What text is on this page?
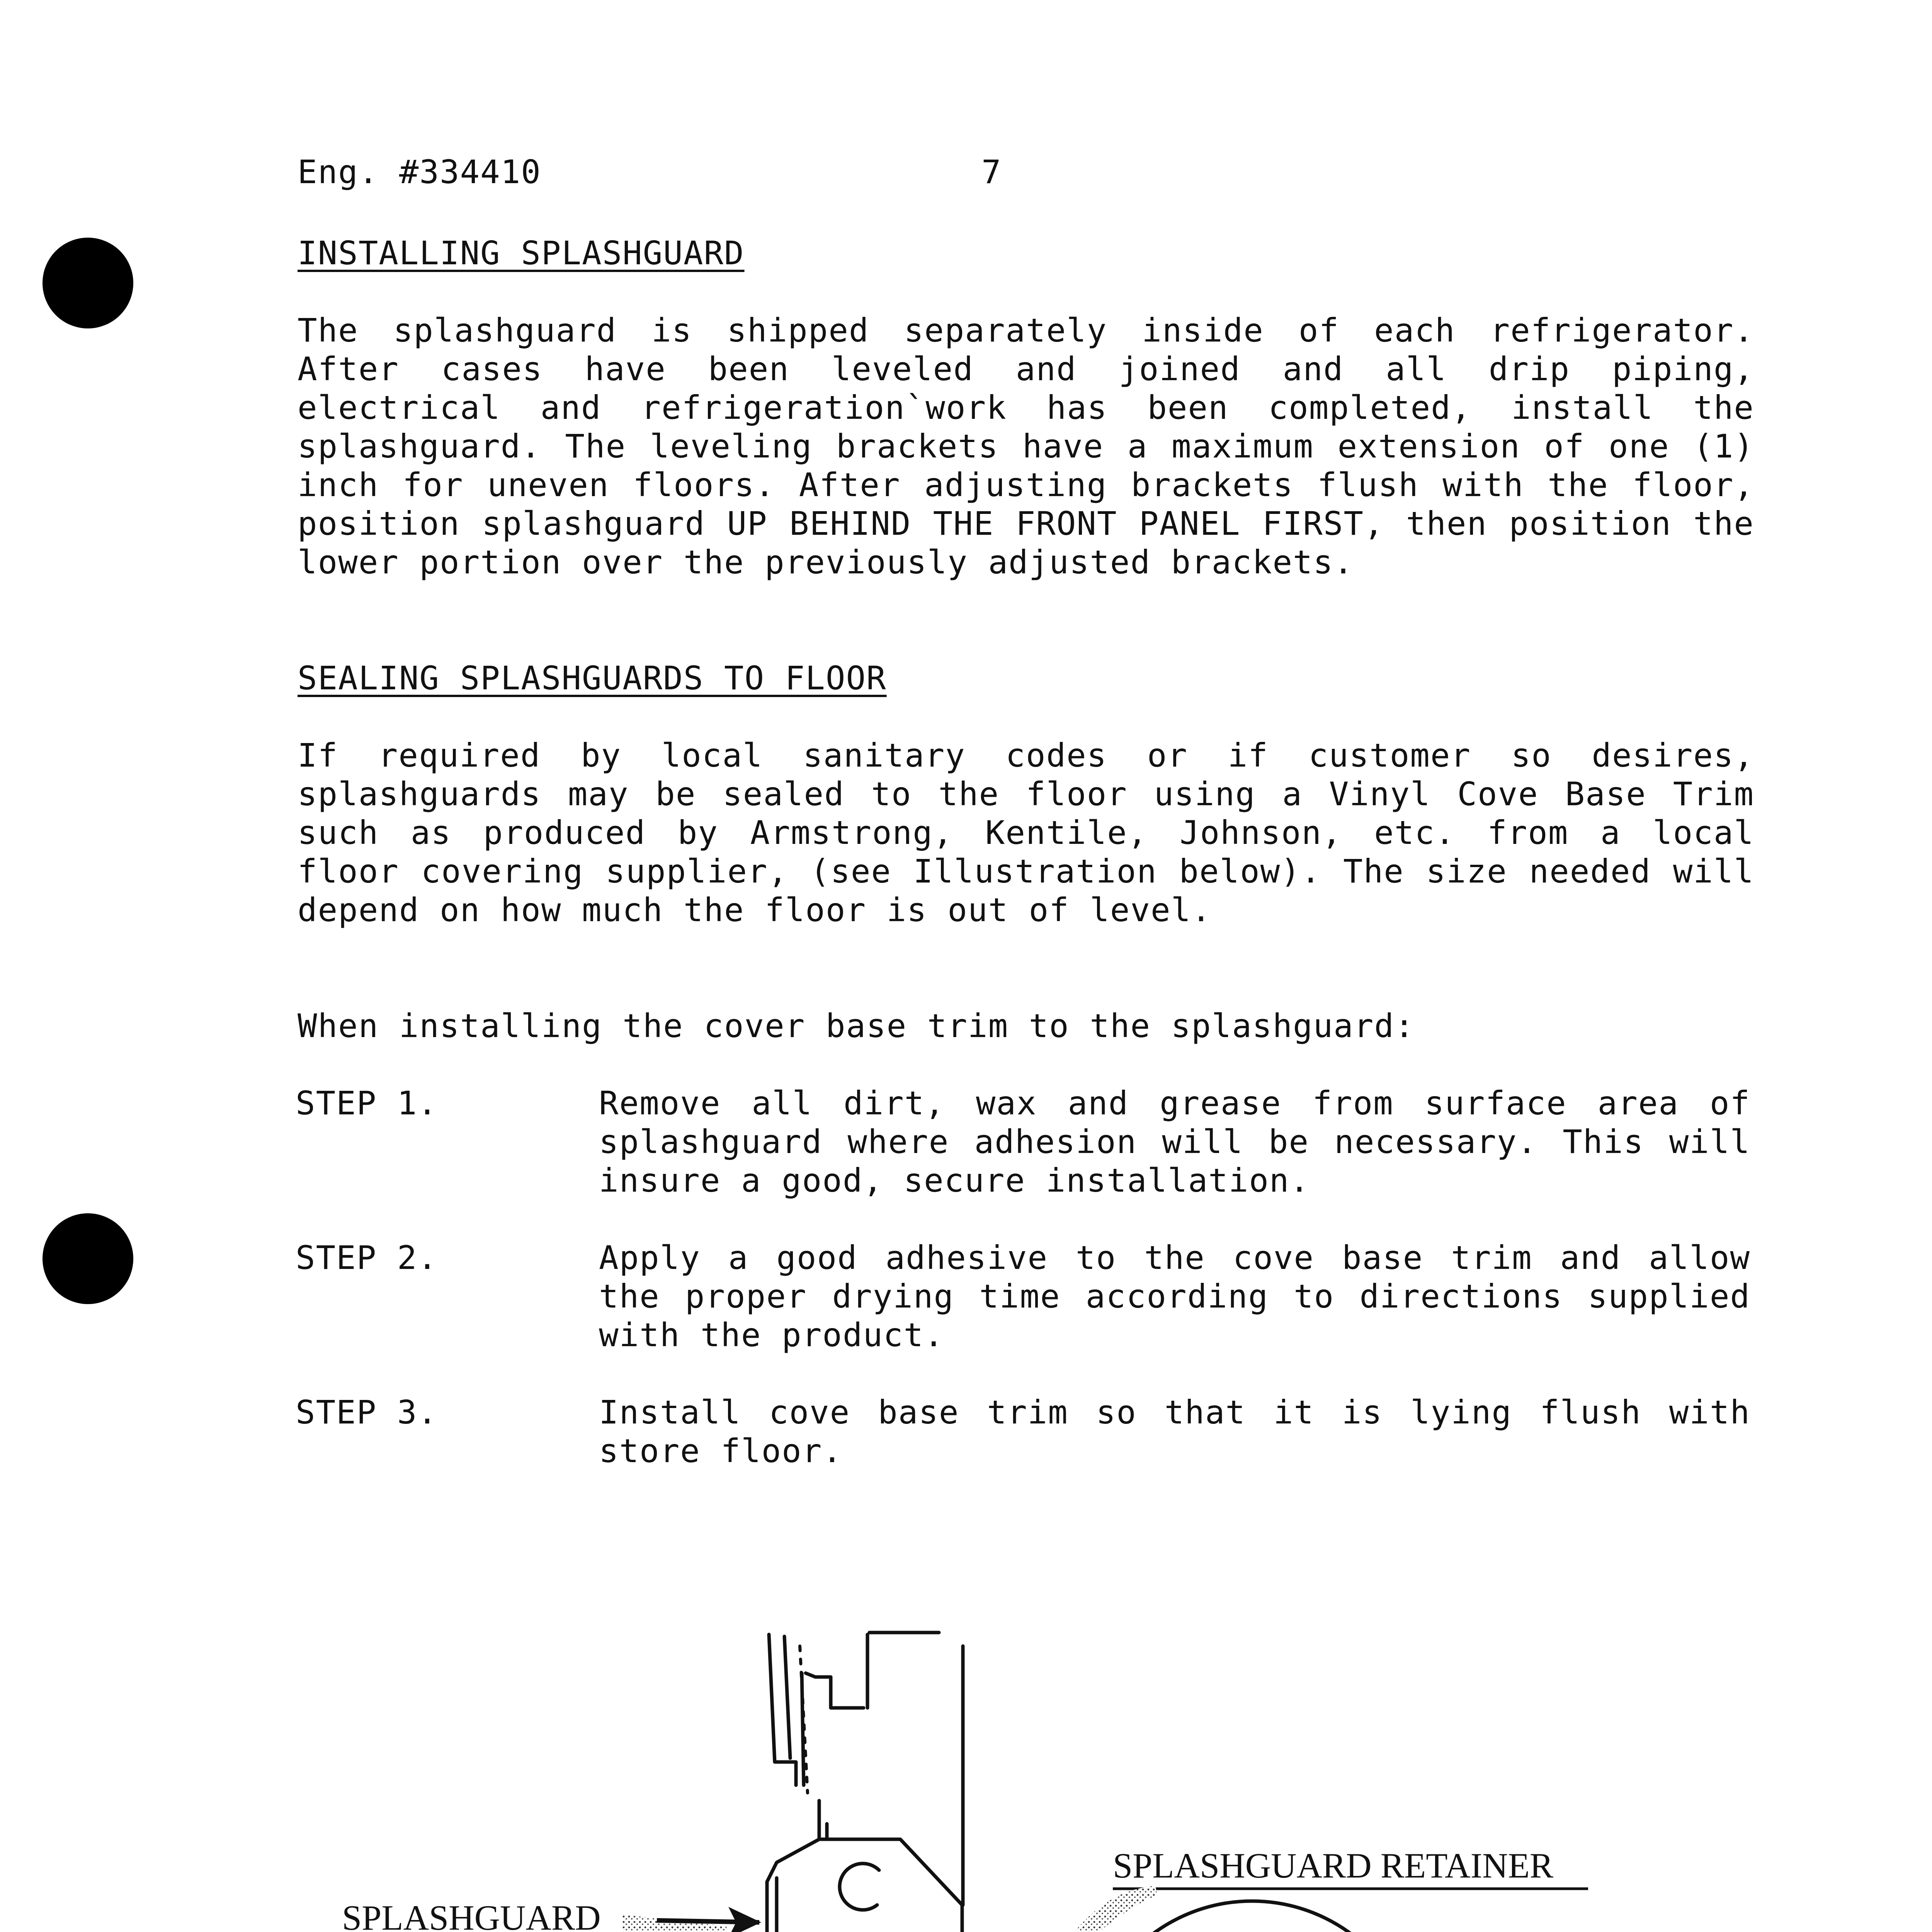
Eng. #334410	7
INSTALLING SPLASHGUARD

The splashguard is shipped separately inside of each refrigerator. After cases have been leveled and joined and all drip piping, electrical and refrigeration`work has been completed, install the splashguard. The leveling brackets have a maximum extension of one (1) inch for uneven floors. After adjusting brackets flush with the floor, position splashguard UP BEHIND THE FRONT PANEL FIRST, then position the lower portion over the previously adjusted brackets.

SEALING SPLASHGUARDS TO FLOOR

If required by local sanitary codes or if customer so desires, splashguards may be sealed to the floor using a Vinyl Cove Base Trim such as produced by Armstrong, Kentile, Johnson, etc. from a local floor covering supplier, (see Illustration below). The size needed will depend on how much the floor is out of level.

When installing the cover base trim to the splashguard:
STEP 1.	Remove all dirt, wax and grease from surface area of splashguard where adhesion will be necessary. This will insure a good, secure installation.

STEP 2.	Apply a good adhesive to the cove base trim and allow the proper drying time according to directions supplied with the product.

STEP 3.	Install cove base trim so that it is lying flush with store floor.

SPLASHGUARD
SPLASHGUARD RETAINER
